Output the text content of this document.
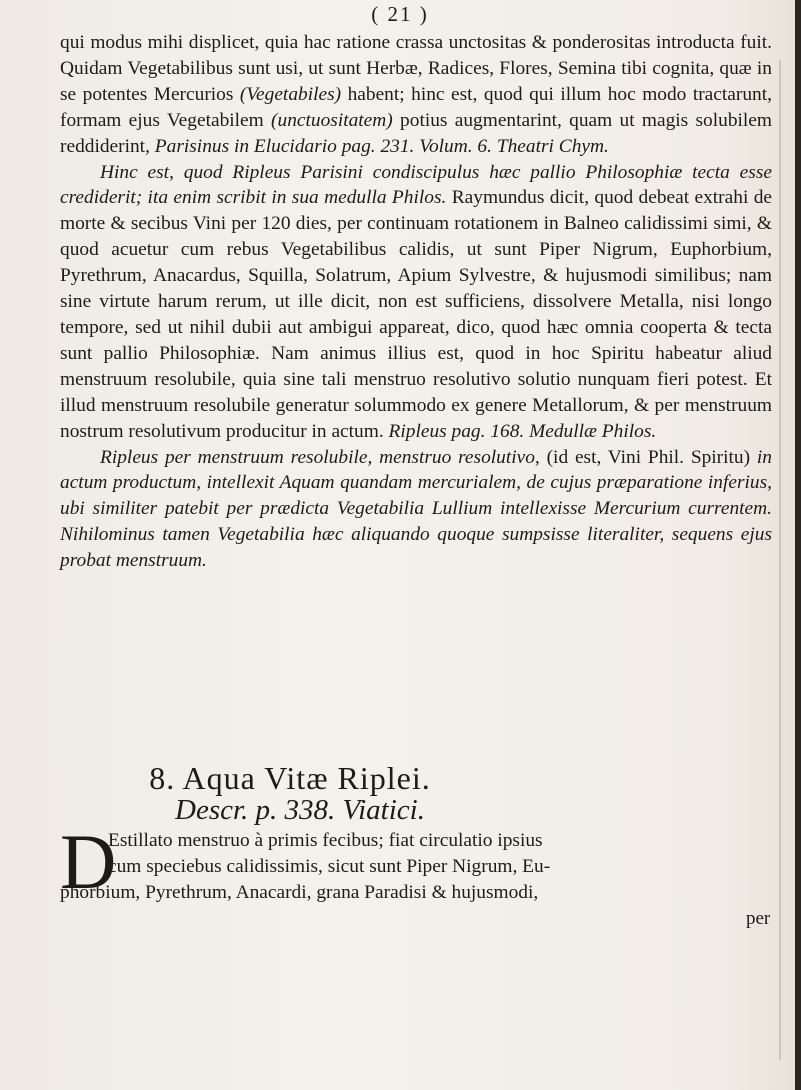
( 21 )

qui modus mihi displicet, quia hac ratione crassa unctositas & ponderositas introducta fuit. Quidam Vegetabilibus sunt usi, ut sunt Herbæ, Radices, Flores, Semina tibi cognita, quæ in se potentes Mercurios (Vegetabiles) habent; hinc est, quod qui illum hoc modo tractarunt, formam ejus Vegetabilem (unctuositatem) potius augmentarint, quam ut magis solubilem reddiderint, Parisinus in Elucidario pag. 231. Volum. 6. Theatri Chym.

Hinc est, quod Ripleus Parisini condiscipulus hæc pallio Philosophiæ tecta esse crediderit; ita enim scribit in sua medulla Philos. Raymundus dicit, quod debeat extrahi de morte & secibus Vini per 120 dies, per continuam rotationem in Balneo calidissimi simi, & quod acuetur cum rebus Vegetabilibus calidis, ut sunt Piper Nigrum, Euphorbium, Pyrethrum, Anacardus, Squilla, Solatrum, Apium Sylvestre, & hujusmodi similibus; nam sine virtute harum rerum, ut ille dicit, non est sufficiens, dissolvere Metalla, nisi longo tempore, sed ut nihil dubii aut ambigui appareat, dico, quod hæc omnia cooperta & tecta sunt pallio Philosophiæ. Nam animus illius est, quod in hoc Spiritu habeatur aliud menstruum resolubile, quia sine tali menstruo resolutivo solutio nunquam fieri potest. Et illud menstruum resolubile generatur solummodo ex genere Metallorum, & per menstruum nostrum resolutivum producitur in actum. Ripleus pag. 168. Medullæ Philos.

Ripleus per menstruum resolubile, menstruo resolutivo, (id est, Vini Phil. Spiritu) in actum productum, intellexit Aquam quandam mercurialem, de cujus præparatione inferius, ubi similiter patebit per prædicta Vegetabilia Lullium intellexisse Mercurium currentem. Nihilominus tamen Vegetabilia hæc aliquando quoque sumpsisse literaliter, sequens ejus probat menstruum.

8. Aqua Vitæ Riplei.
Descr. p. 338. Viatici.
D
Estillato menstruo à primis fecibus; fiat circulatio ipsius
cum speciebus calidissimis, sicut sunt Piper Nigrum, Eu-
phorbium, Pyrethrum, Anacardi, grana Paradisi & hujusmodi,
per
